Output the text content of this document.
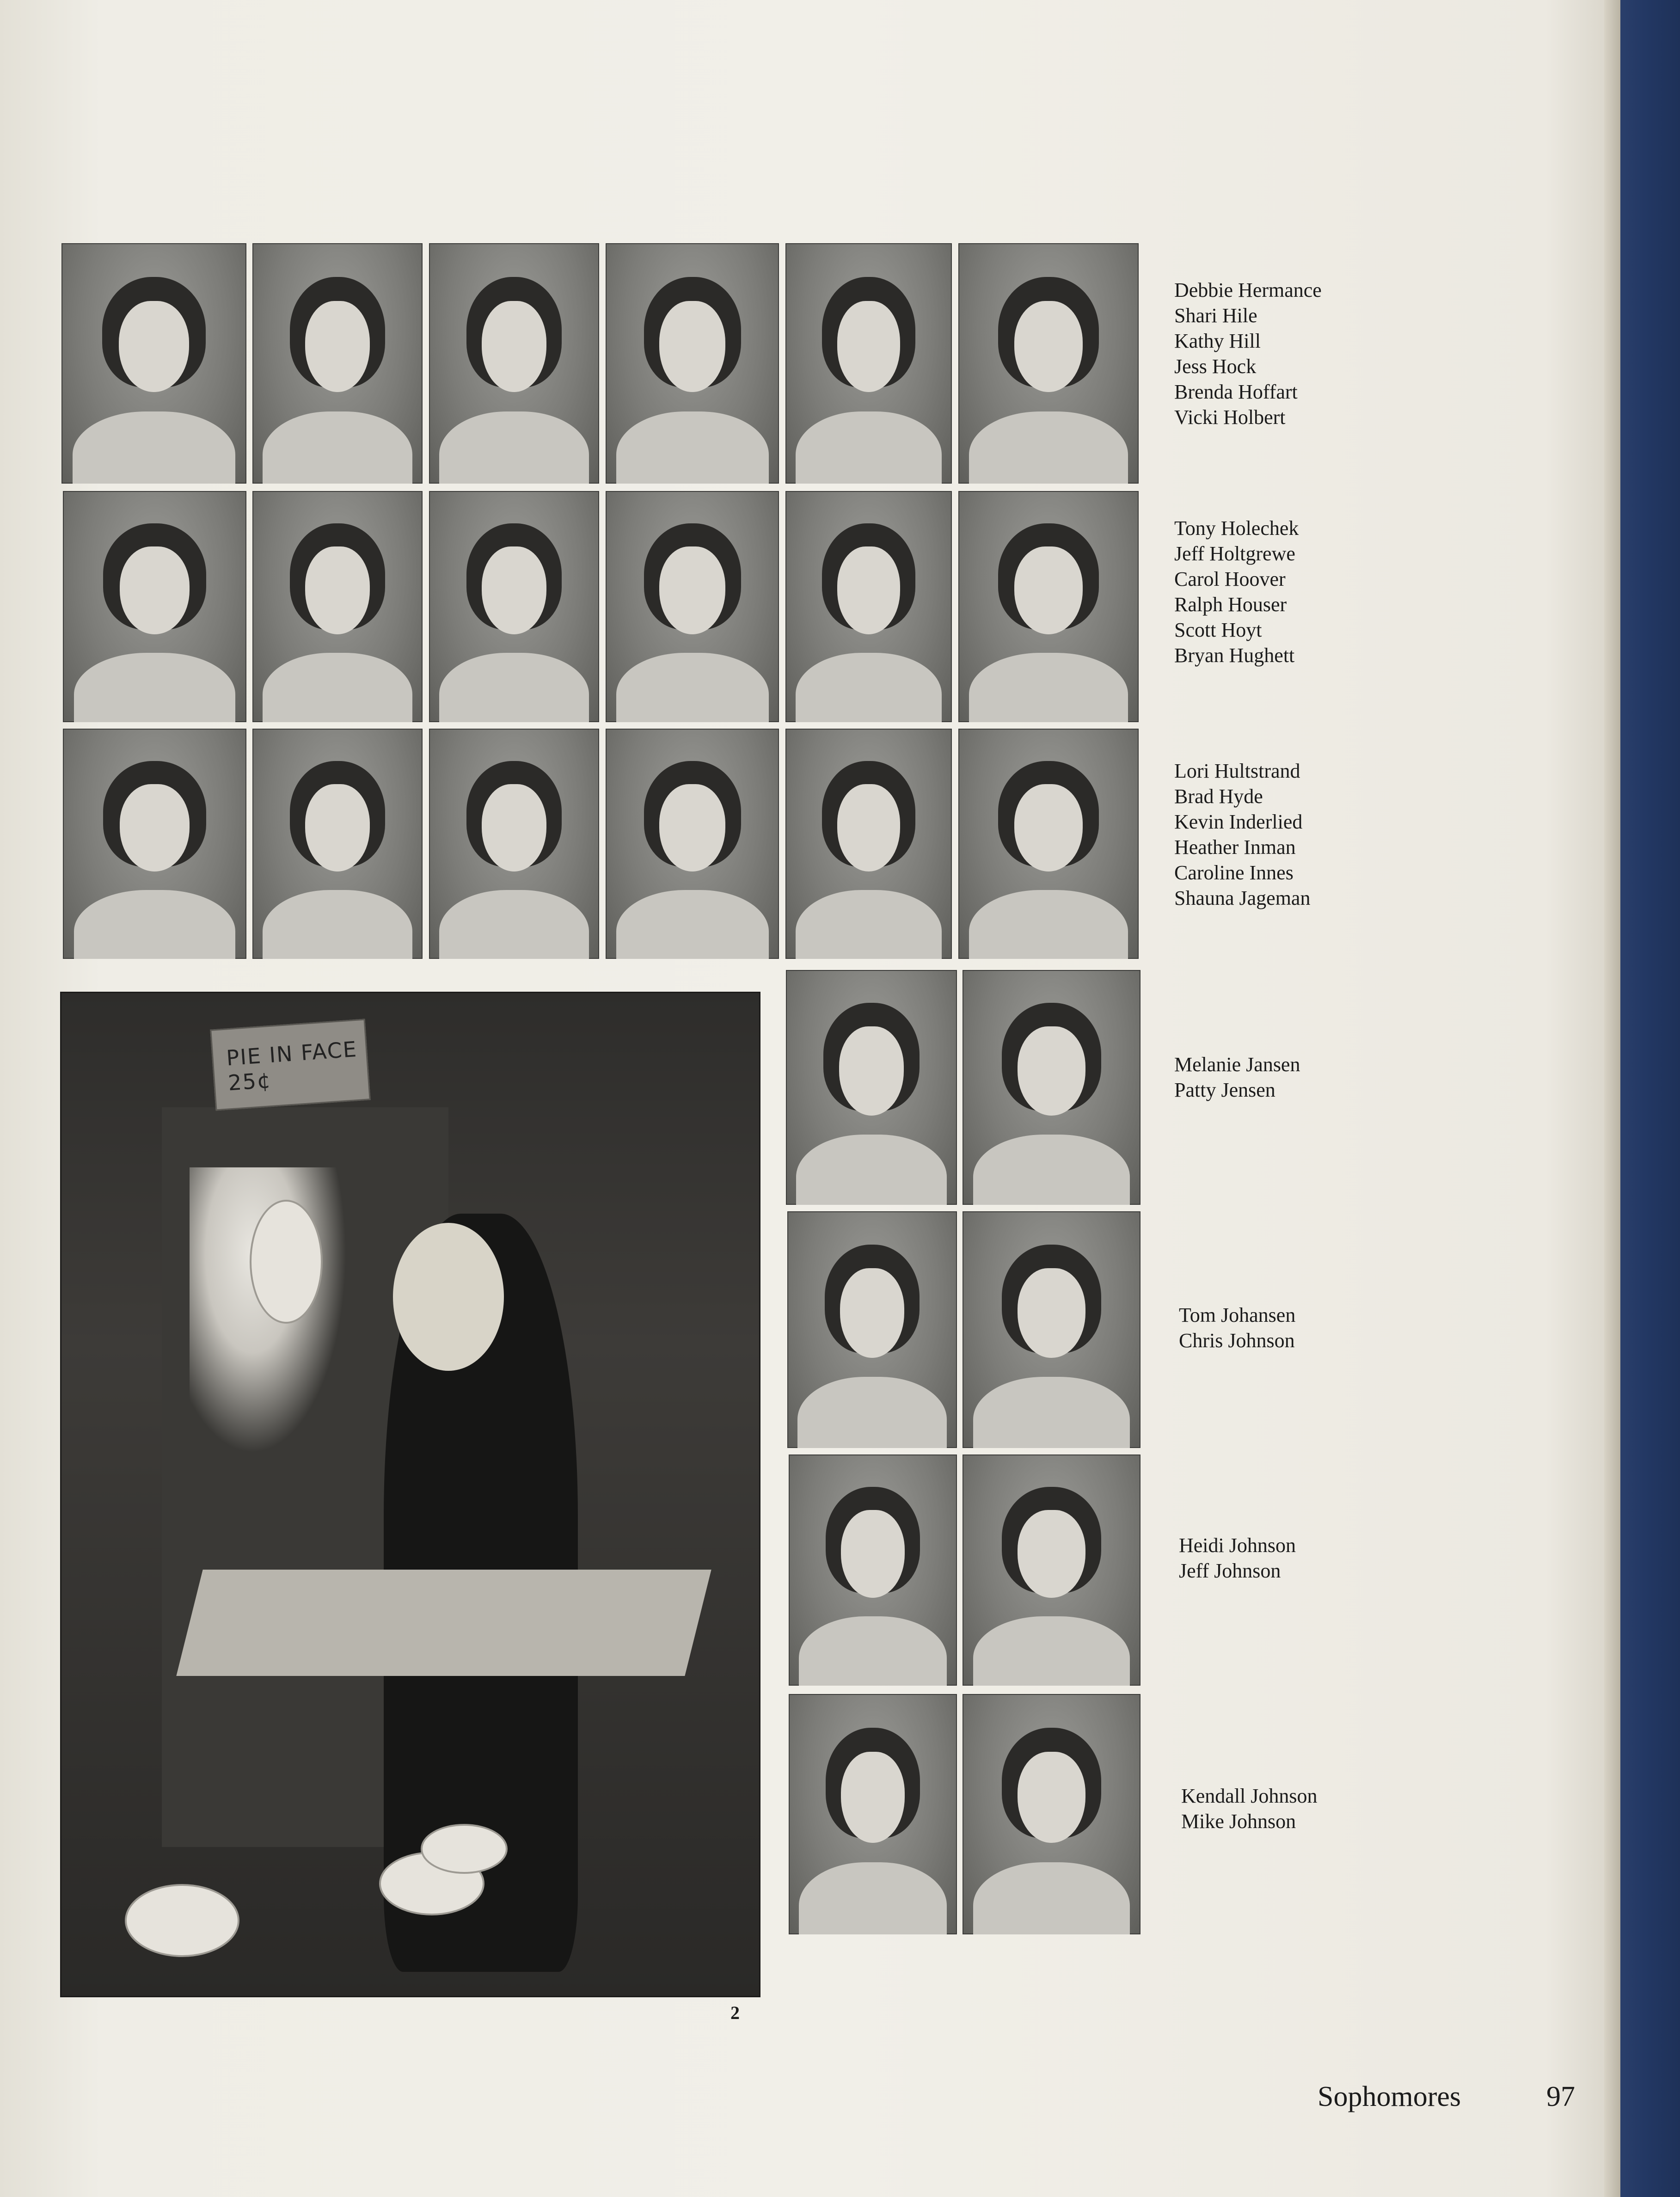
Debbie Hermance
Shari Hile
Kathy Hill
Jess Hock
Brenda Hoffart
Vicki Holbert
Tony Holechek
Jeff Holtgrewe
Carol Hoover
Ralph Houser
Scott Hoyt
Bryan Hughett
Lori Hultstrand
Brad Hyde
Kevin Inderlied
Heather Inman
Caroline Innes
Shauna Jageman
Melanie Jansen
Patty Jensen
Tom Johansen
Chris Johnson
Heidi Johnson
Jeff Johnson
Kendall Johnson
Mike Johnson
PIE IN FACE 25¢
2
Sophomores	97
